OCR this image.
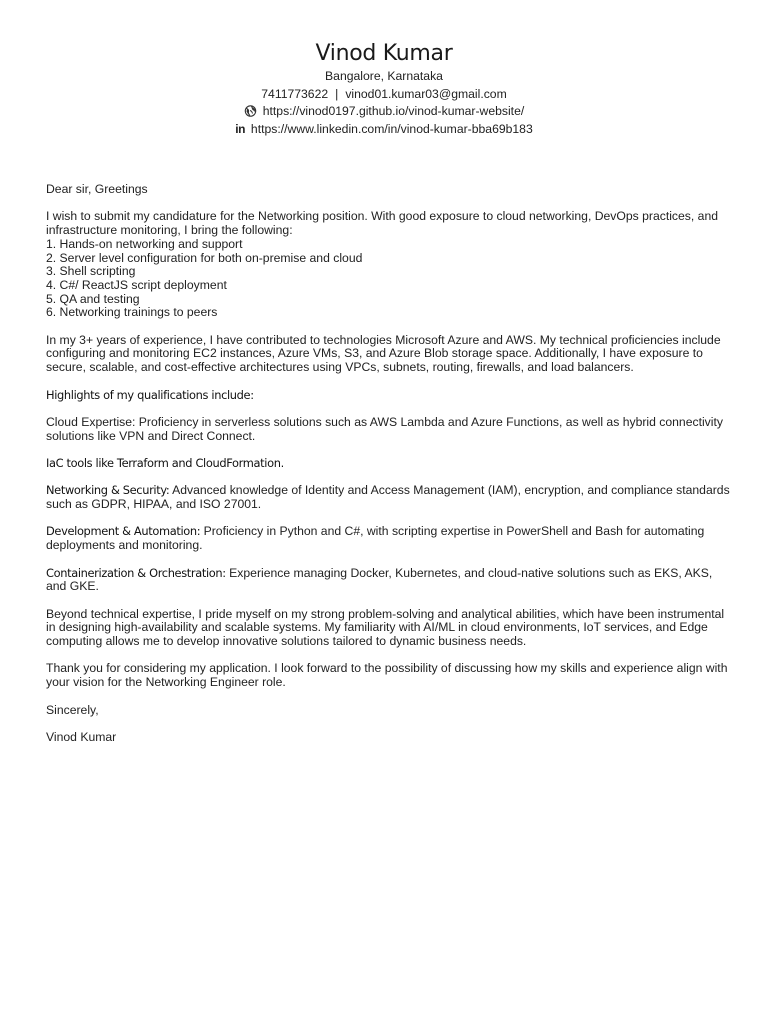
Vinod Kumar
Bangalore, Karnataka
7411773622 | vinod01.kumar03@gmail.com
https://vinod0197.github.io/vinod-kumar-website/
in https://www.linkedin.com/in/vinod-kumar-bba69b183

Dear sir, Greetings

I wish to submit my candidature for the Networking position. With good exposure to cloud networking, DevOps practices, and infrastructure monitoring, I bring the following:
1. Hands-on networking and support
2. Server level configuration for both on-premise and cloud
3. Shell scripting
4. C#/ ReactJS script deployment
5. QA and testing
6. Networking trainings to peers

In my 3+ years of experience, I have contributed to technologies Microsoft Azure and AWS. My technical proficiencies include configuring and monitoring EC2 instances, Azure VMs, S3, and Azure Blob storage space. Additionally, I have exposure to secure, scalable, and cost-effective architectures using VPCs, subnets, routing, firewalls, and load balancers.

Highlights of my qualifications include:

Cloud Expertise: Proficiency in serverless solutions such as AWS Lambda and Azure Functions, as well as hybrid connectivity solutions like VPN and Direct Connect.

IaC tools like Terraform and CloudFormation.

Networking & Security: Advanced knowledge of Identity and Access Management (IAM), encryption, and compliance standards such as GDPR, HIPAA, and ISO 27001.

Development & Automation: Proficiency in Python and C#, with scripting expertise in PowerShell and Bash for automating deployments and monitoring.

Containerization & Orchestration: Experience managing Docker, Kubernetes, and cloud-native solutions such as EKS, AKS, and GKE.

Beyond technical expertise, I pride myself on my strong problem-solving and analytical abilities, which have been instrumental in designing high-availability and scalable systems. My familiarity with AI/ML in cloud environments, IoT services, and Edge computing allows me to develop innovative solutions tailored to dynamic business needs.

Thank you for considering my application. I look forward to the possibility of discussing how my skills and experience align with your vision for the Networking Engineer role.

Sincerely,

Vinod Kumar
